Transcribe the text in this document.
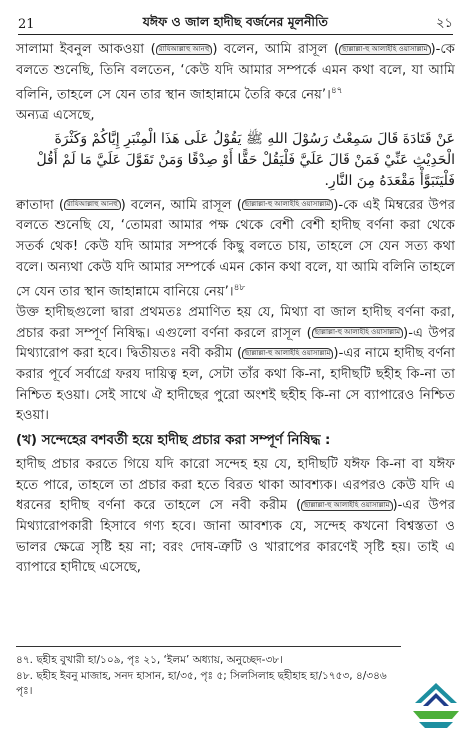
21	যঈফ ও জাল হাদীছ বর্জনের মূলনীতি	২১

সালামা ইবনুল আকওয়া ( রাযিআল্লাহু আনহু ) বলেন, আমি রাসূল ( ছাল্লাল্লা-হু আলাইহি ওয়াসাল্লাম )-কে বলতে শুনেছি, তিনি বলতেন, ‘কেউ যদি আমার সম্পর্কে এমন কথা বলে, যা আমি বলিনি, তাহলে সে যেন তার স্থান জাহান্নামে তৈরি করে নেয়’।$^{৪৭}$

অন্যত্র এসেছে,

عَنْ قَتَادَةَ قَالَ سَمِعْتُ رَسُوْلَ اللهِ ﷺ يَقُوْلُ عَلَى هَذَا الْمِنْبَرِ إِيَّاكُمْ وَكَثْرَةَ الْحَدِيْثِ عَنِّيْ فَمَنْ قَالَ عَلَيَّ فَلْيَقُلْ حَقًّا أَوْ صِدْقًا وَمَنْ تَقَوَّلَ عَلَيَّ مَا لَمْ أَقُلْ فَلْيَتَبَوَّأْ مَقْعَدَهُ مِنَ النَّارِ.

ক্বাতাদা ( রাযিআল্লাহু আনহু ) বলেন, আমি রাসূল ( ছাল্লাল্লা-হু আলাইহি ওয়াসাল্লাম )-কে এই মিম্বরের উপর বলতে শুনেছি যে, ‘তোমরা আমার পক্ষ থেকে বেশী বেশী হাদীছ বর্ণনা করা থেকে সতর্ক থেক! কেউ যদি আমার সম্পর্কে কিছু বলতে চায়, তাহলে সে যেন সত্য কথা বলে। অন্যথা কেউ যদি আমার সম্পর্কে এমন কোন কথা বলে, যা আমি বলিনি তাহলে সে যেন তার স্থান জাহান্নামে বানিয়ে নেয়’।$^{৪৮}$

উক্ত হাদীছগুলো দ্বারা প্রথমতঃ প্রমাণিত হয় যে, মিথ্যা বা জাল হাদীছ বর্ণনা করা, প্রচার করা সম্পূর্ণ নিষিদ্ধ। এগুলো বর্ণনা করলে রাসূল ( ছাল্লাল্লা-হু আলাইহি ওয়াসাল্লাম )-এ উপর মিথ্যারোপ করা হবে। দ্বিতীয়তঃ নবী করীম ( ছাল্লাল্লা-হু আলাইহি ওয়াসাল্লাম )-এর নামে হাদীছ বর্ণনা করার পূর্বে সর্বাগ্রে ফরয দায়িত্ব হল, সেটা তাঁর কথা কি-না, হাদীছটি ছহীহ কি-না তা নিশ্চিত হওয়া। সেই সাথে ঐ হাদীছের পুরো অংশই ছহীহ কি-না সে ব্যাপারেও নিশ্চিত হওয়া।

(খ) সন্দেহের বশবর্তী হয়ে হাদীছ প্রচার করা সম্পূর্ণ নিষিদ্ধ :

হাদীছ প্রচার করতে গিয়ে যদি কারো সন্দেহ হয় যে, হাদীছটি যঈফ কি-না বা যঈফ হতে পারে, তাহলে তা প্রচার করা হতে বিরত থাকা আবশ্যক। এরপরও কেউ যদি এ ধরনের হাদীছ বর্ণনা করে তাহলে সে নবী করীম ( ছাল্লাল্লা-হু আলাইহি ওয়াসাল্লাম )-এর উপর মিথ্যারোপকারী হিসাবে গণ্য হবে। জানা আবশ্যক যে, সন্দেহ কখনো বিশ্বস্ততা ও ভালর ক্ষেত্রে সৃষ্টি হয় না; বরং দোষ-ত্রুটি ও খারাপের কারণেই সৃষ্টি হয়। তাই এ ব্যাপারে হাদীছে এসেছে,

৪৭. ছহীহ বুখারী হা/১০৯, পৃঃ ২১, ‘ইলম’ অধ্যায়, অনুচ্ছেদ-৩৮।

৪৮. ছহীহ ইবনু মাজাহ, সনদ হাসান, হা/৩৫, পৃঃ ৫; সিলসিলাহ ছহীহাহ হা/১৭৫৩, ৪/৩৪৬ পৃঃ।
